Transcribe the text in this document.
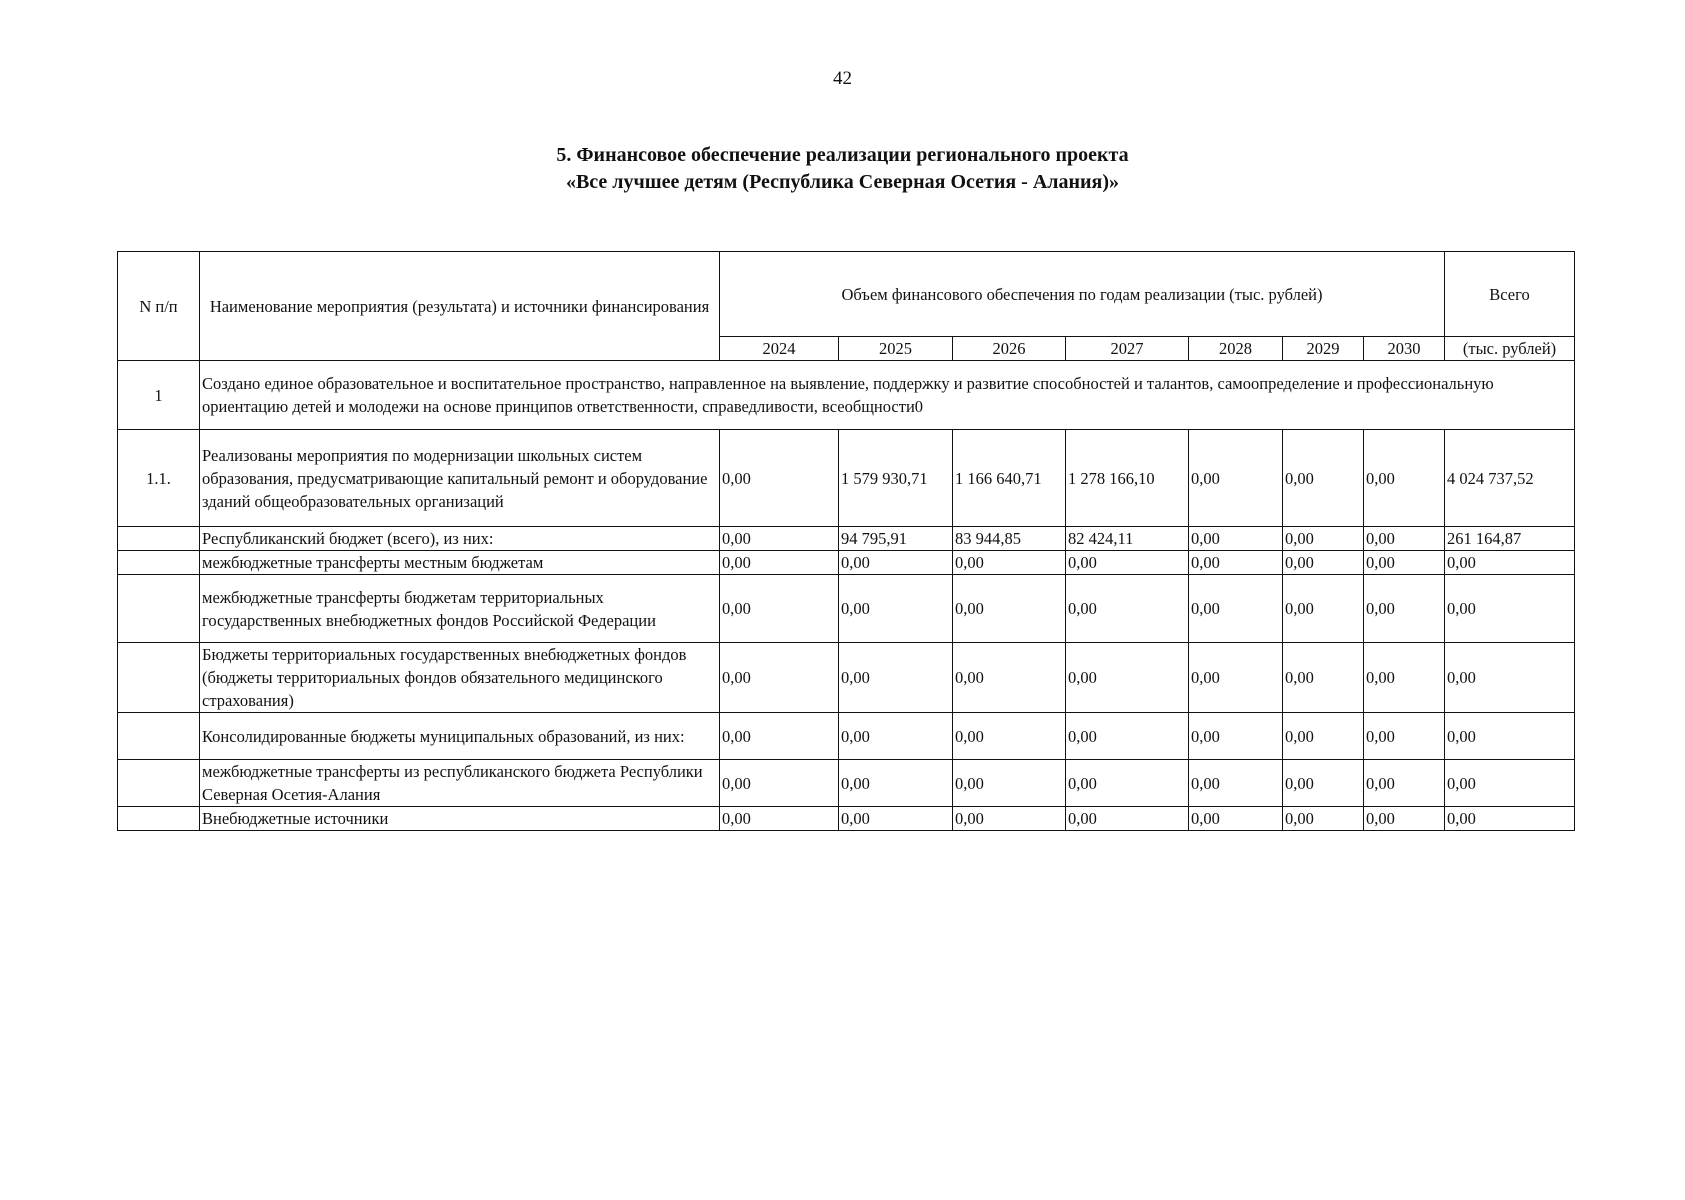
42
5. Финансовое обеспечение реализации регионального проекта
«Все лучшее детям (Республика Северная Осетия - Алания)»
N п/п	Наименование мероприятия (результата) и источники финансирования	Объем финансового обеспечения по годам реализации (тыс. рублей)							Всего
		2024	2025	2026	2027	2028	2029	2030	(тыс. рублей)
1	Создано единое образовательное и воспитательное пространство, направленное на выявление, поддержку и развитие способностей и талантов, самоопределение и профессиональную ориентацию детей и молодежи на основе принципов ответственности, справедливости, всеобщности0								
1.1.	Реализованы мероприятия по модернизации школьных систем образования, предусматривающие капитальный ремонт и оборудование зданий общеобразовательных организаций	0,00	1 579 930,71	1 166 640,71	1 278 166,10	0,00	0,00	0,00	4 024 737,52
	Республиканский бюджет (всего), из них:	0,00	94 795,91	83 944,85	82 424,11	0,00	0,00	0,00	261 164,87
	межбюджетные трансферты местным бюджетам	0,00	0,00	0,00	0,00	0,00	0,00	0,00	0,00
	межбюджетные трансферты бюджетам территориальных государственных внебюджетных фондов Российской Федерации	0,00	0,00	0,00	0,00	0,00	0,00	0,00	0,00
	Бюджеты территориальных государственных внебюджетных фондов (бюджеты территориальных фондов обязательного медицинского страхования)	0,00	0,00	0,00	0,00	0,00	0,00	0,00	0,00
	Консолидированные бюджеты муниципальных образований, из них:	0,00	0,00	0,00	0,00	0,00	0,00	0,00	0,00
	межбюджетные трансферты из республиканского бюджета Республики Северная Осетия-Алания	0,00	0,00	0,00	0,00	0,00	0,00	0,00	0,00
	Внебюджетные источники	0,00	0,00	0,00	0,00	0,00	0,00	0,00	0,00
